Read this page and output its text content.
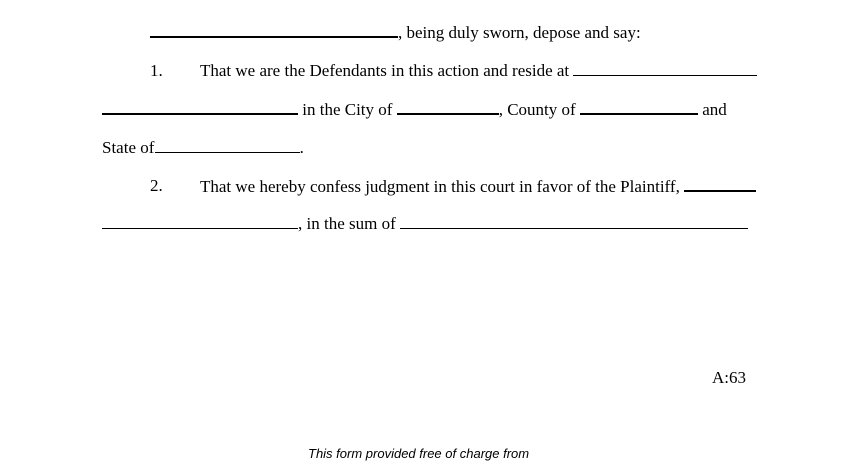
, being duly sworn, depose and say:
1. That we are the Defendants in this action and reside at
in the City of	, County of	and
State of	.
2. That we hereby confess judgment in this court in favor of the Plaintiff,
, in the sum of
A:63
This form provided free of charge from
